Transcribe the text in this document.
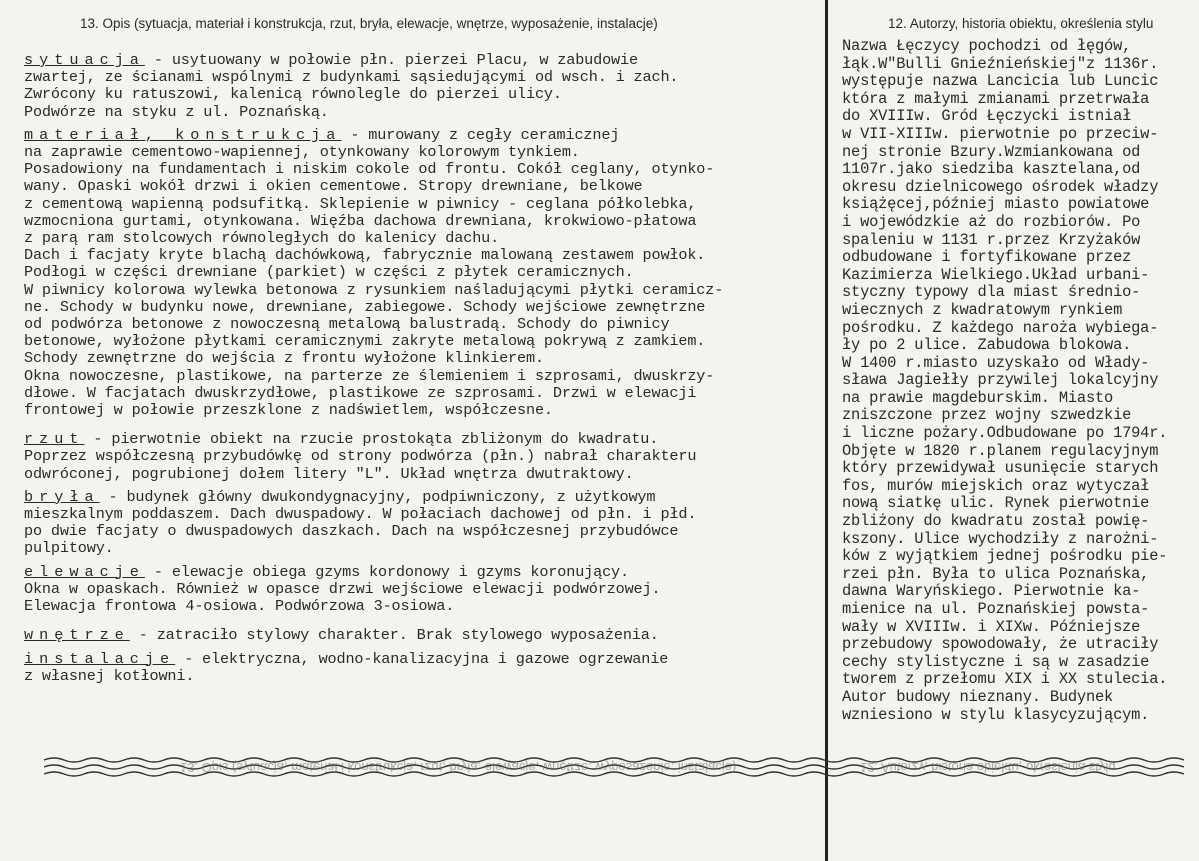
13. Opis (sytuacja, materiał i konstrukcja, rzut, bryła, elewacje, wnętrze, wyposażenie, instalacje)
sytuacja - usytuowany w połowie płn. pierzei Placu, w zabudowie
zwartej, ze ścianami wspólnymi z budynkami sąsiedującymi od wsch. i zach.
Zwrócony ku ratuszowi, kalenicą równolegle do pierzei ulicy.
Podwórze na styku z ul. Poznańską.
materiał, konstrukcja - murowany z cegły ceramicznej
na zaprawie cementowo-wapiennej, otynkowany kolorowym tynkiem.
Posadowiony na fundamentach i niskim cokole od frontu. Cokół ceglany, otynko-
wany. Opaski wokół drzwi i okien cementowe. Stropy drewniane, belkowe
z cementową wapienną podsufitką. Sklepienie w piwnicy - ceglana półkolebka,
wzmocniona gurtami, otynkowana. Więźba dachowa drewniana, krokwiowo-płatowa
z parą ram stolcowych równoległych do kalenicy dachu.
Dach i facjaty kryte blachą dachówkową, fabrycznie malowaną zestawem powłok.
Podłogi w części drewniane (parkiet) w części z płytek ceramicznych.
W piwnicy kolorowa wylewka betonowa z rysunkiem naśladującymi płytki ceramicz-
ne. Schody w budynku nowe, drewniane, zabiegowe. Schody wejściowe zewnętrzne
od podwórza betonowe z nowoczesną metalową balustradą. Schody do piwnicy
betonowe, wyłożone płytkami ceramicznymi zakryte metalową pokrywą z zamkiem.
Schody zewnętrzne do wejścia z frontu wyłożone klinkierem.
Okna nowoczesne, plastikowe, na parterze ze ślemieniem i szprosami, dwuskrzy-
dłowe. W facjatach dwuskrzydłowe, plastikowe ze szprosami. Drzwi w elewacji
frontowej w połowie przeszklone z nadświetlem, współczesne.
rzut - pierwotnie obiekt na rzucie prostokąta zbliżonym do kwadratu.
Poprzez współczesną przybudówkę od strony podwórza (płn.) nabrał charakteru
odwróconej, pogrubionej dołem litery "L". Układ wnętrza dwutraktowy.
bryła - budynek główny dwukondygnacyjny, podpiwniczony, z użytkowym
mieszkalnym poddaszem. Dach dwuspadowy. W połaciach dachowej od płn. i płd.
po dwie facjaty o dwuspadowych daszkach. Dach na współczesnej przybudówce
pulpitowy.
elewacje - elewacje obiega gzyms kordonowy i gzyms koronujący.
Okna w opaskach. Również w opasce drzwi wejściowe elewacji podwórzowej.
Elewacja frontowa 4-osiowa. Podwórzowa 3-osiowa.
wnętrze - zatraciło stylowy charakter. Brak stylowego wyposażenia.
instalacje - elektryczna, wodno-kanalizacyjna i gazowe ogrzewanie
z własnej kotłowni.
12. Autorzy, historia obiektu, określenia stylu
Nazwa Łęczycy pochodzi od łęgów,
łąk.W"Bulli Gnieźnieńskiej"z 1136r.
występuje nazwa Lancicia lub Luncic
która z małymi zmianami przetrwała
do XVIIIw. Gród Łęczycki istniał
w VII-XIIIw. pierwotnie po przeciw-
nej stronie Bzury.Wzmiankowana od
1107r.jako siedziba kasztelana,od
okresu dzielnicowego ośrodek władzy
książęcej,później miasto powiatowe
i wojewódzkie aż do rozbiorów. Po
spaleniu w 1131 r.przez Krzyżaków
odbudowane i fortyfikowane przez
Kazimierza Wielkiego.Układ urbani-
styczny typowy dla miast średnio-
wiecznych z kwadratowym rynkiem
pośrodku. Z każdego naroża wybiega-
ły po 2 ulice. Zabudowa blokowa.
W 1400 r.miasto uzyskało od Włady-
sława Jagiełły przywilej lokalcyjny
na prawie magdeburskim. Miasto
zniszczone przez wojny szwedzkie
i liczne pożary.Odbudowane po 1794r.
Objęte w 1820 r.planem regulacyjnym
który przewidywał usunięcie starych
fos, murów miejskich oraz wytyczał
nową siatkę ulic. Rynek pierwotnie
zbliżony do kwadratu został powię-
kszony. Ulice wychodziły z narożni-
ków z wyjątkiem jednej pośrodku pie-
rzei płn. Była to ulica Poznańska,
dawna Waryńskiego. Pierwotnie ka-
mienice na ul. Poznańskiej powsta-
wały w XVIIIw. i XIXw. Późniejsze
przebudowy spowodowały, że utraciły
cechy stylistyczne i są w zasadzie
tworem z przełomu XIX i XX stulecia.
Autor budowy nieznany. Budynek
wzniesiono w stylu klasycyzującym.
13. Opis (sytuacja, materiał i konstrukcja, rzut, bryła, elewacje, wnętrze, wyposażenie, instalacje)	12. Autorzy, historia obiektu, określenia stylu
